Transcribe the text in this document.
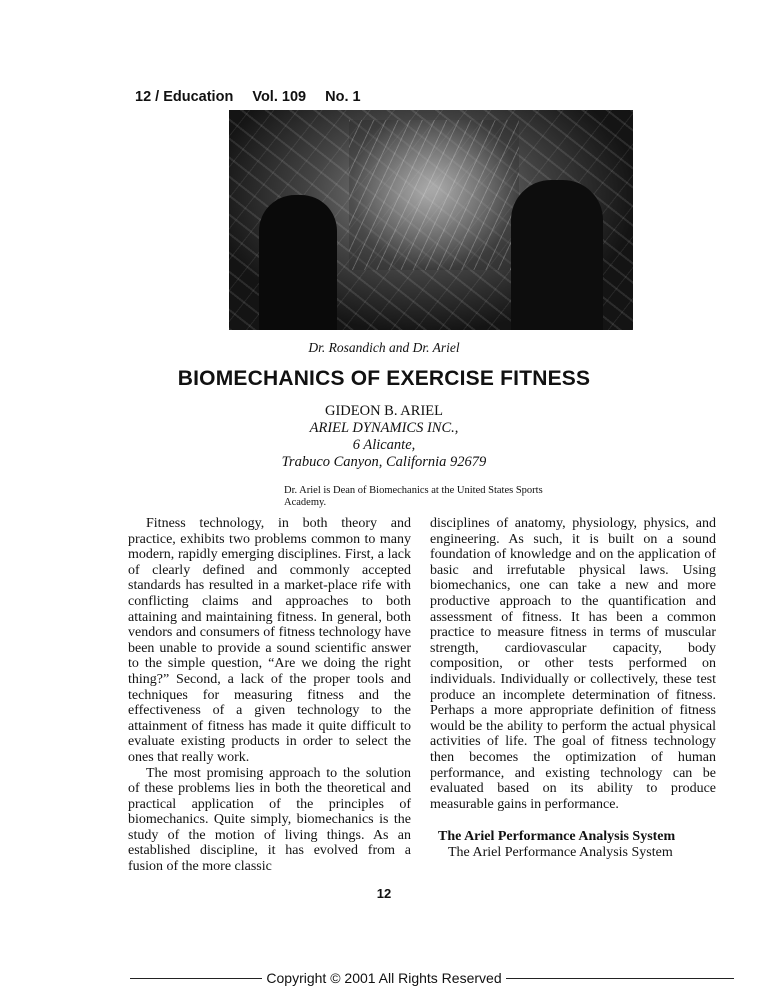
12 / Education Vol. 109 No. 1
Dr. Rosandich and Dr. Ariel
BIOMECHANICS OF EXERCISE FITNESS
GIDEON B. ARIEL
ARIEL DYNAMICS INC.,
6 Alicante,
Trabuco Canyon, California 92679
Dr. Ariel is Dean of Biomechanics at the United States Sports Academy.

Fitness technology, in both theory and practice, exhibits two problems common to many modern, rapidly emerging disciplines. First, a lack of clearly defined and commonly accepted standards has resulted in a market-place rife with conflicting claims and approaches to both attaining and maintaining fitness. In general, both vendors and consumers of fitness technology have been unable to provide a sound scientific answer to the simple question, “Are we doing the right thing?” Second, a lack of the proper tools and techniques for measuring fitness and the effectiveness of a given technology to the attainment of fitness has made it quite difficult to evaluate existing products in order to select the ones that really work.

The most promising approach to the solution of these problems lies in both the theoretical and practical application of the principles of biomechanics. Quite simply, biomechanics is the study of the motion of living things. As an established discipline, it has evolved from a fusion of the more classic

disciplines of anatomy, physiology, physics, and engineering. As such, it is built on a sound foundation of knowledge and on the application of basic and irrefutable physical laws. Using biomechanics, one can take a new and more productive approach to the quantification and assessment of fitness. It has been a common practice to measure fitness in terms of muscular strength, cardiovascular capacity, body composition, or other tests performed on individuals. Individually or collectively, these test produce an incomplete determination of fitness. Perhaps a more appropriate definition of fitness would be the ability to perform the actual physical activities of life. The goal of fitness technology then becomes the optimization of human performance, and existing technology can be evaluated based on its ability to produce measurable gains in performance.

The Ariel Performance Analysis System

The Ariel Performance Analysis System

12
Copyright © 2001 All Rights Reserved
